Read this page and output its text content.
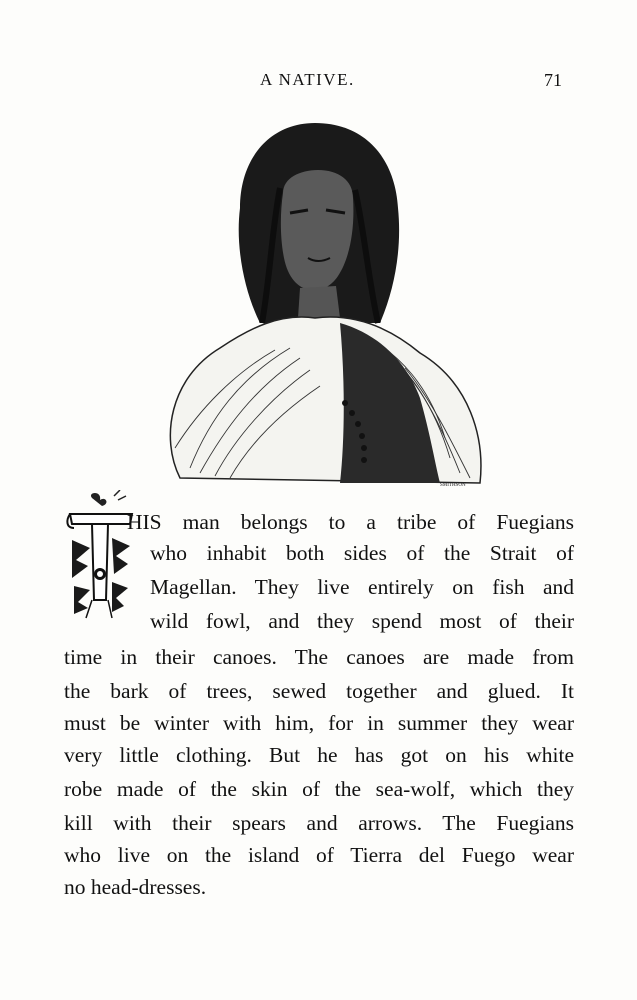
A NATIVE.	71
SMITHSON
HIS man belongs to a tribe of Fuegians
who inhabit both sides of the Strait of
Magellan. They live entirely on fish and
wild fowl, and they spend most of their
time in their canoes. The canoes are made from
the bark of trees, sewed together and glued. It
must be winter with him, for in summer they wear
very little clothing. But he has got on his white
robe made of the skin of the sea-wolf, which they
kill with their spears and arrows. The Fuegians
who live on the island of Tierra del Fuego wear
no head-dresses.
